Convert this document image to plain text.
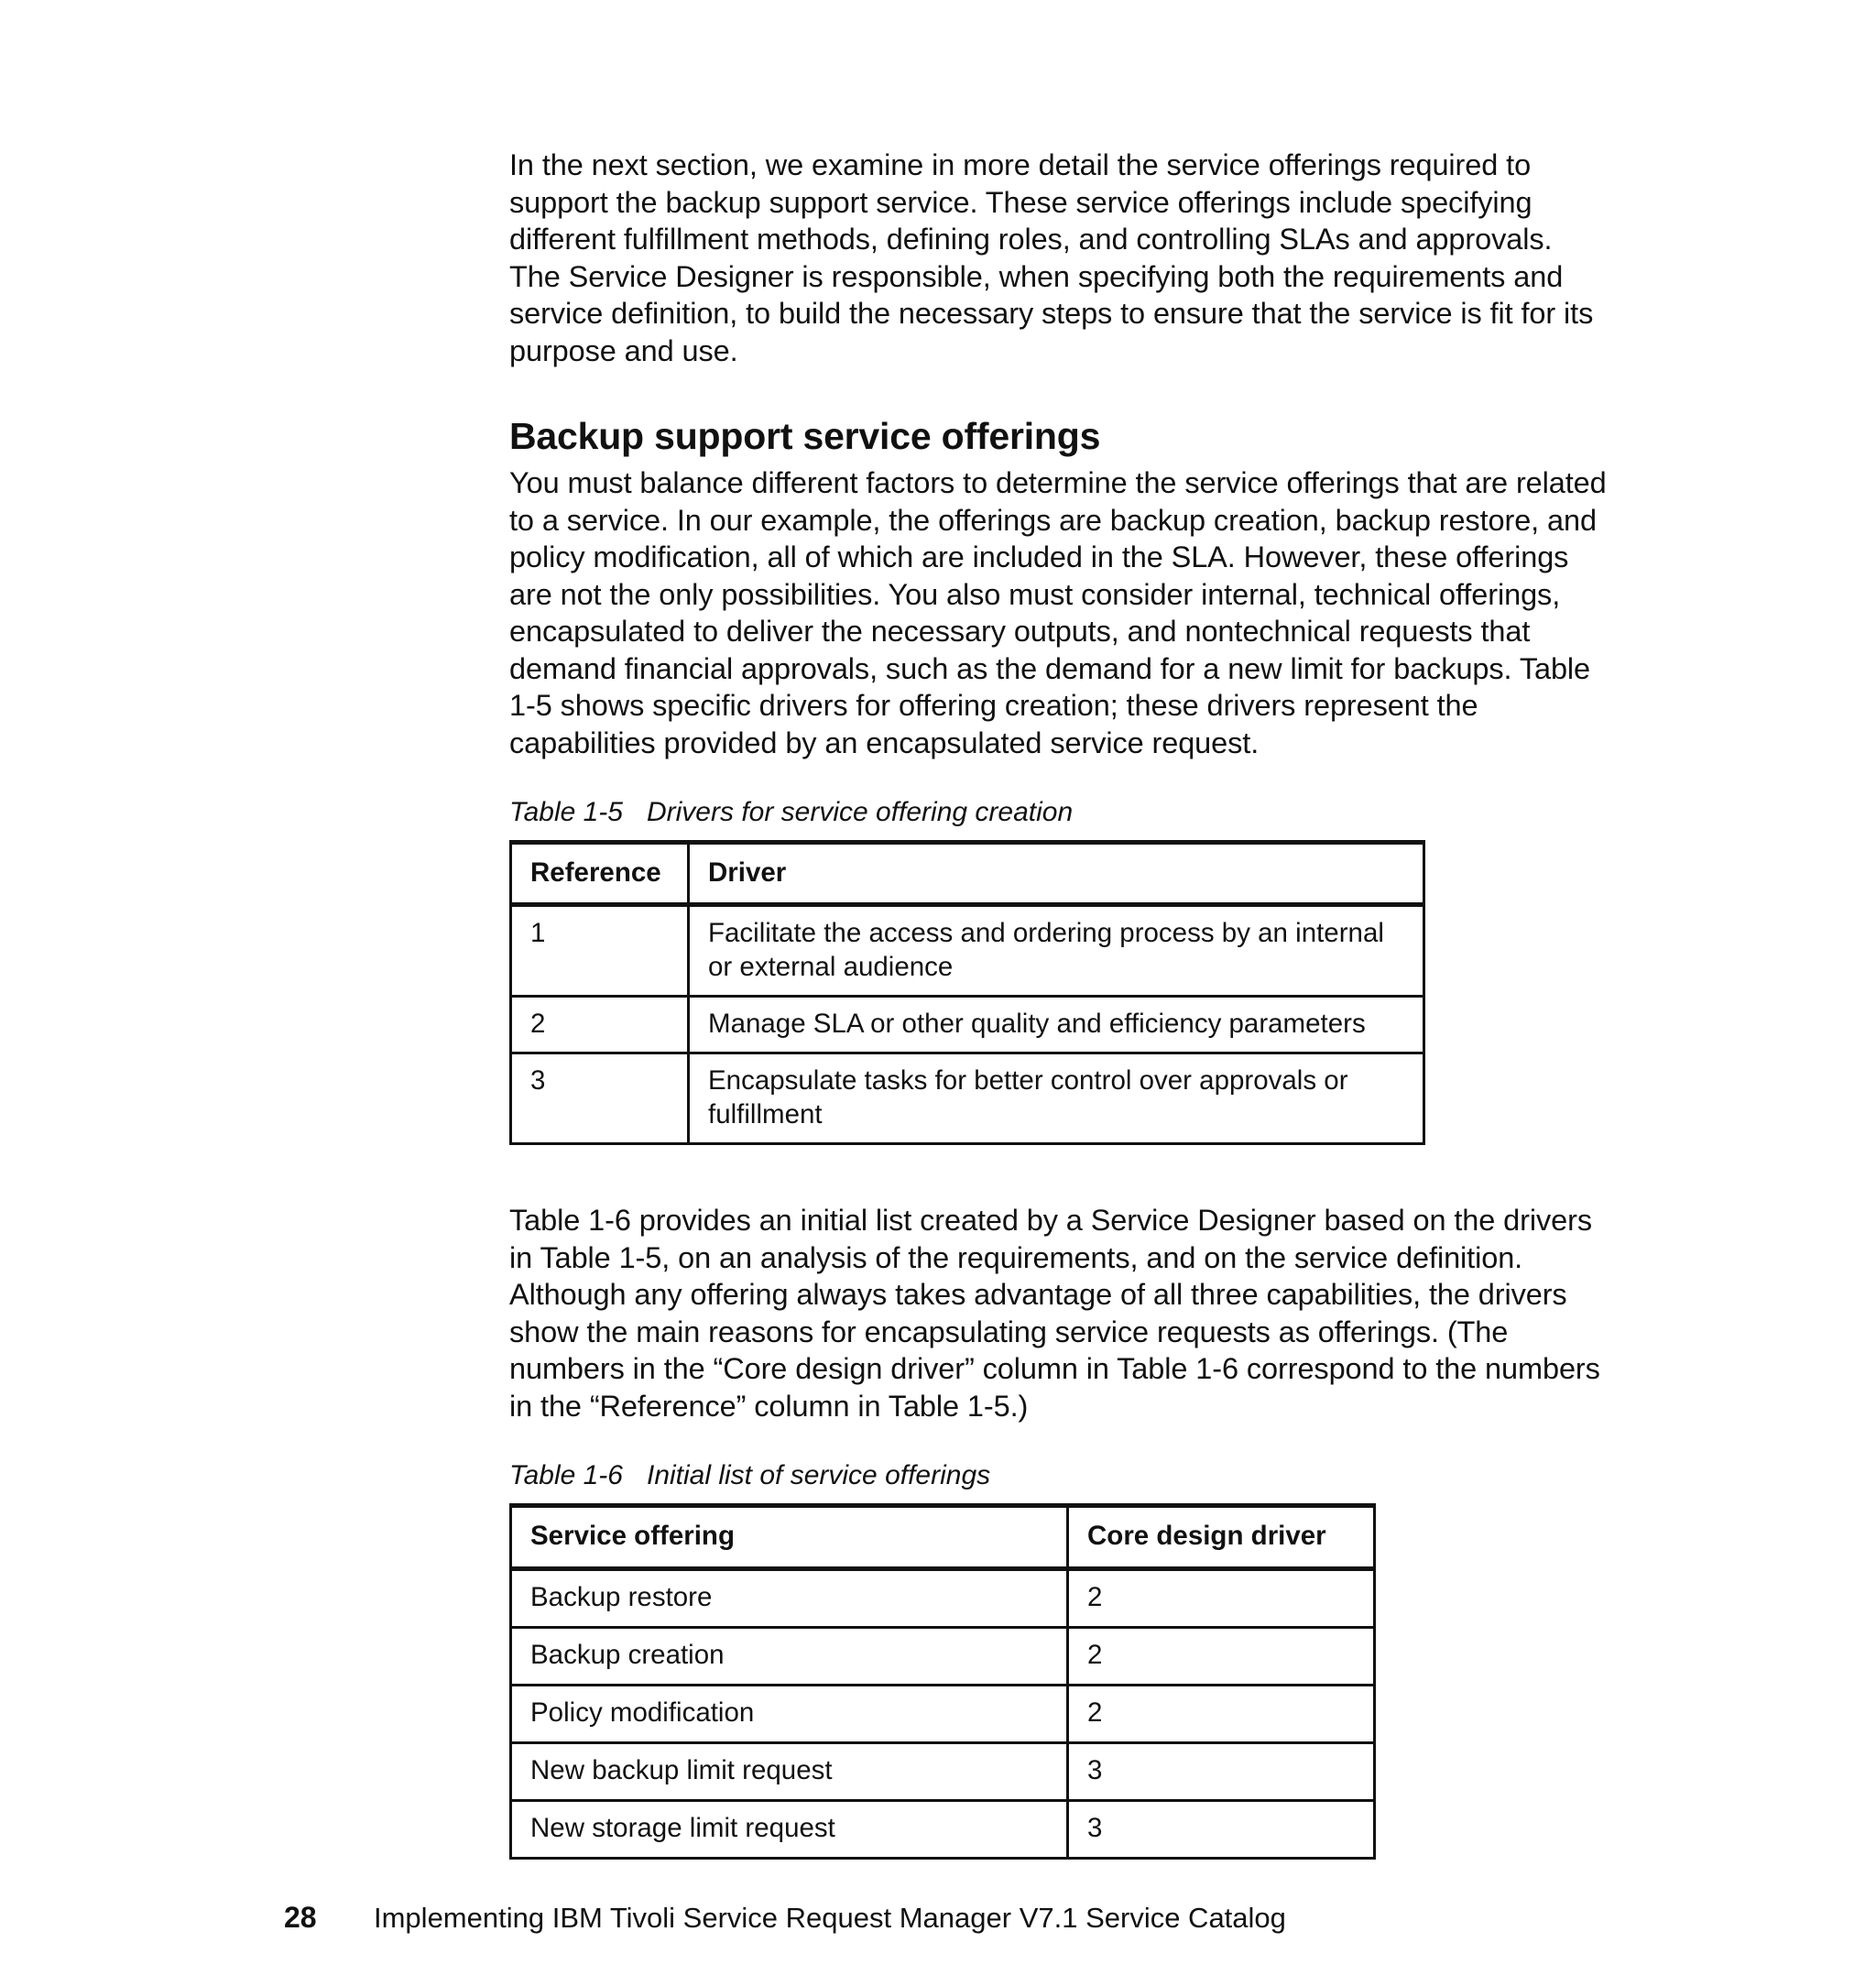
In the next section, we examine in more detail the service offerings required to support the backup support service. These service offerings include specifying different fulfillment methods, defining roles, and controlling SLAs and approvals. The Service Designer is responsible, when specifying both the requirements and service definition, to build the necessary steps to ensure that the service is fit for its purpose and use.

Backup support service offerings

You must balance different factors to determine the service offerings that are related to a service. In our example, the offerings are backup creation, backup restore, and policy modification, all of which are included in the SLA. However, these offerings are not the only possibilities. You also must consider internal, technical offerings, encapsulated to deliver the necessary outputs, and nontechnical requests that demand financial approvals, such as the demand for a new limit for backups. Table 1-5 shows specific drivers for offering creation; these drivers represent the capabilities provided by an encapsulated service request.

Table 1-5 Drivers for service offering creation
Reference	Driver
1	Facilitate the access and ordering process by an internal or external audience
2	Manage SLA or other quality and efficiency parameters
3	Encapsulate tasks for better control over approvals or fulfillment

Table 1-6 provides an initial list created by a Service Designer based on the drivers in Table 1-5, on an analysis of the requirements, and on the service definition. Although any offering always takes advantage of all three capabilities, the drivers show the main reasons for encapsulating service requests as offerings. (The numbers in the “Core design driver” column in Table 1-6 correspond to the numbers in the “Reference” column in Table 1-5.)

Table 1-6 Initial list of service offerings
Service offering	Core design driver
Backup restore	2
Backup creation	2
Policy modification	2
New backup limit request	3
New storage limit request	3
28 Implementing IBM Tivoli Service Request Manager V7.1 Service Catalog
